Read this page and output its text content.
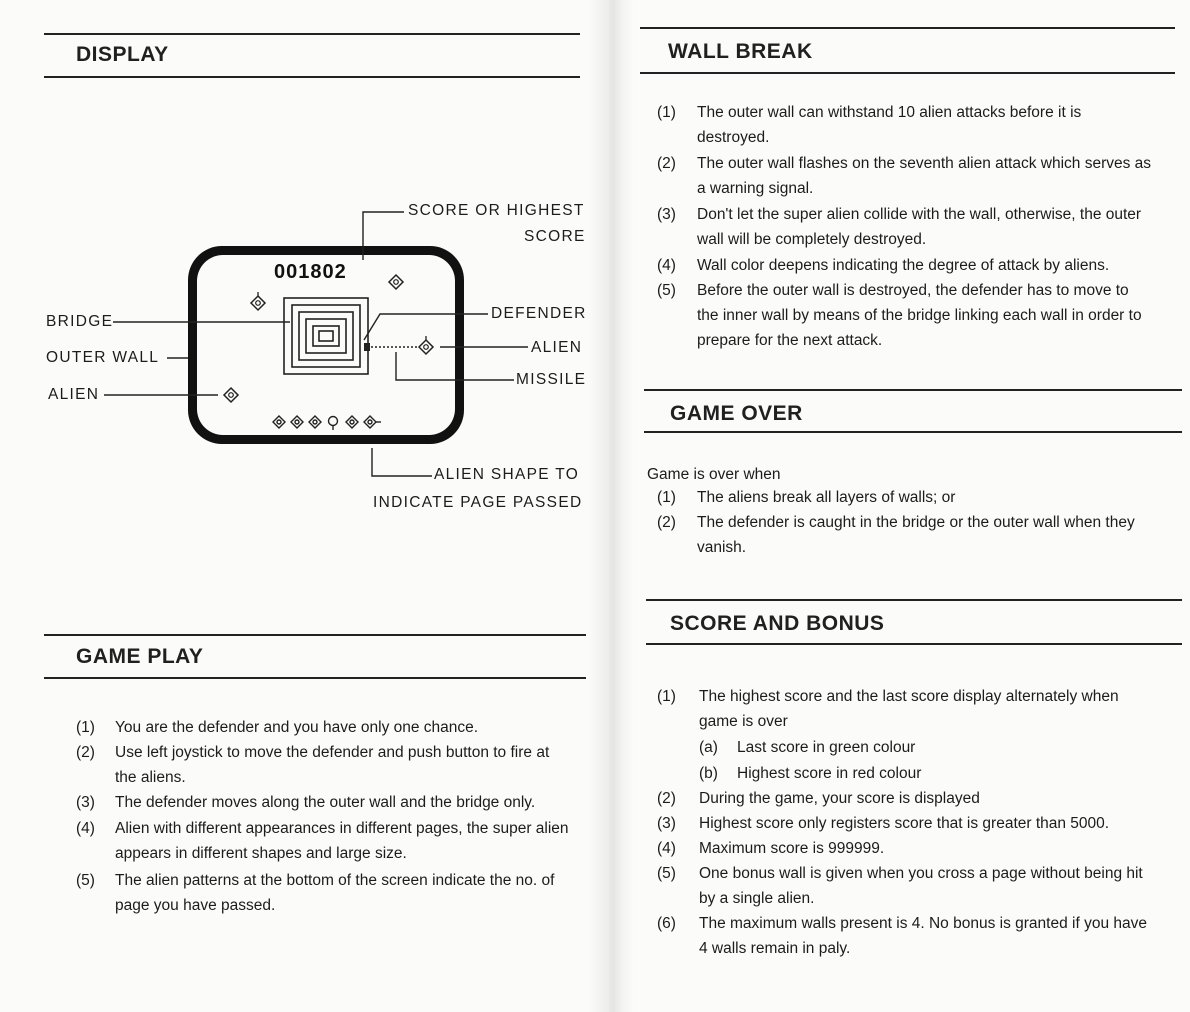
DISPLAY
001802
SCORE OR HIGHEST
SCORE
BRIDGE
OUTER WALL
ALIEN
DEFENDER
ALIEN
MISSILE
ALIEN SHAPE TO
INDICATE PAGE PASSED
GAME PLAY
(1) You are the defender and you have only one chance.
(2) Use left joystick to move the defender and push button to fire at the aliens.
(3) The defender moves along the outer wall and the bridge only.
(4) Alien with different appearances in different pages, the super alien appears in different shapes and large size.
(5) The alien patterns at the bottom of the screen indicate the no. of page you have passed.
WALL BREAK
(1) The outer wall can withstand 10 alien attacks before it is destroyed.
(2) The outer wall flashes on the seventh alien attack which serves as a warning signal.
(3) Don't let the super alien collide with the wall, otherwise, the outer wall will be completely destroyed.
(4) Wall color deepens indicating the degree of attack by aliens.
(5) Before the outer wall is destroyed, the defender has to move to the inner wall by means of the bridge linking each wall in order to prepare for the next attack.
GAME OVER
Game is over when
(1) The aliens break all layers of walls; or
(2) The defender is caught in the bridge or the outer wall when they vanish.
SCORE AND BONUS
(1) The highest score and the last score display alternately when game is over
(a) Last score in green colour
(b) Highest score in red colour
(2) During the game, your score is displayed
(3) Highest score only registers score that is greater than 5000.
(4) Maximum score is 999999.
(5) One bonus wall is given when you cross a page without being hit by a single alien.
(6) The maximum walls present is 4. No bonus is granted if you have 4 walls remain in paly.
